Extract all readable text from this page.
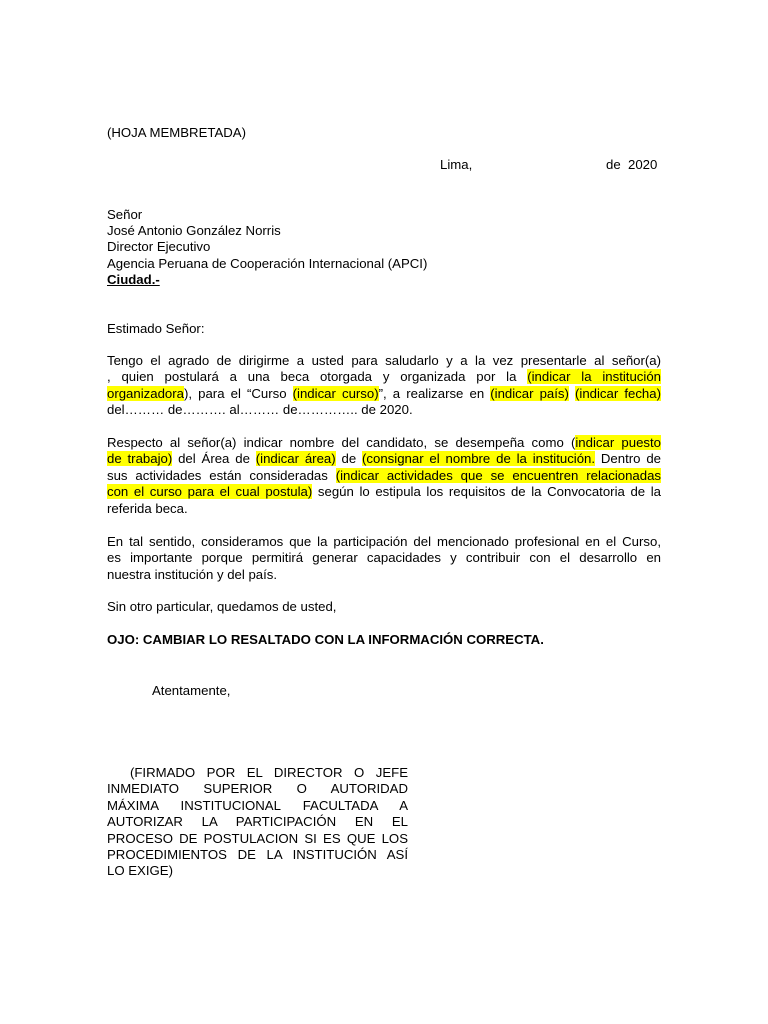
(HOJA MEMBRETADA)
Lima,	de  2020
Señor
José Antonio González Norris
Director Ejecutivo
Agencia Peruana de Cooperación Internacional (APCI)
Ciudad.-
Estimado Señor:
Tengo el agrado de dirigirme a usted para saludarlo y a la vez presentarle al señor(a)
, quien postulará a una beca otorgada y organizada por la (indicar la institución
organizadora), para el “Curso (indicar curso)”, a realizarse en (indicar país) (indicar fecha)
del……… de………. al……… de………….. de 2020.
Respecto al señor(a) indicar nombre del candidato, se desempeña como (indicar puesto
de trabajo) del Área de (indicar área) de (consignar el nombre de la institución. Dentro de
sus actividades están consideradas (indicar actividades que se encuentren relacionadas
con el curso para el cual postula) según lo estipula los requisitos de la Convocatoria de la
referida beca.
En tal sentido, consideramos que la participación del mencionado profesional en el Curso,
es importante porque permitirá generar capacidades y contribuir con el desarrollo en
nuestra institución y del país.
Sin otro particular, quedamos de usted,
OJO: CAMBIAR LO RESALTADO CON LA INFORMACIÓN CORRECTA.
Atentamente,
(FIRMADO POR EL DIRECTOR O JEFE
INMEDIATO SUPERIOR O AUTORIDAD
MÁXIMA INSTITUCIONAL FACULTADA A
AUTORIZAR LA PARTICIPACIÓN EN EL
PROCESO DE POSTULACION SI ES QUE LOS
PROCEDIMIENTOS DE LA INSTITUCIÓN ASÍ
LO EXIGE)
